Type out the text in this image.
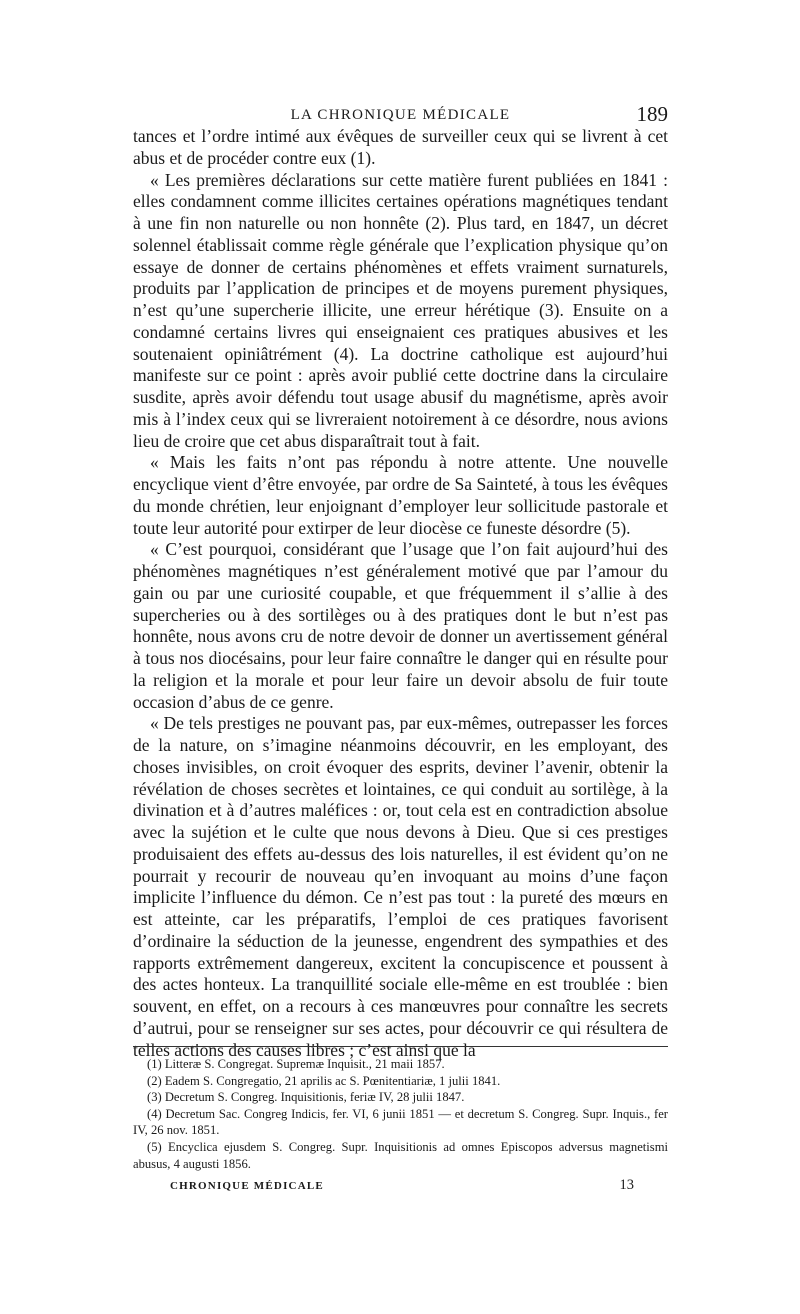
LA CHRONIQUE MÉDICALE	189

tances et l’ordre intimé aux évêques de surveiller ceux qui se livrent à cet abus et de procéder contre eux (1).

« Les premières déclarations sur cette matière furent publiées en 1841 : elles condamnent comme illicites certaines opérations magnétiques tendant à une fin non naturelle ou non honnête (2). Plus tard, en 1847, un décret solennel établissait comme règle générale que l’explication physique qu’on essaye de donner de certains phénomènes et effets vraiment surnaturels, produits par l’application de principes et de moyens purement physiques, n’est qu’une supercherie illicite, une erreur hérétique (3). Ensuite on a condamné certains livres qui enseignaient ces pratiques abusives et les soutenaient opiniâtrément (4). La doctrine catholique est aujourd’hui manifeste sur ce point : après avoir publié cette doctrine dans la circulaire susdite, après avoir défendu tout usage abusif du magnétisme, après avoir mis à l’index ceux qui se livreraient notoirement à ce désordre, nous avions lieu de croire que cet abus disparaîtrait tout à fait.

« Mais les faits n’ont pas répondu à notre attente. Une nouvelle encyclique vient d’être envoyée, par ordre de Sa Sainteté, à tous les évêques du monde chrétien, leur enjoignant d’employer leur sollicitude pastorale et toute leur autorité pour extirper de leur diocèse ce funeste désordre (5).

« C’est pourquoi, considérant que l’usage que l’on fait aujourd’hui des phénomènes magnétiques n’est généralement motivé que par l’amour du gain ou par une curiosité coupable, et que fréquemment il s’allie à des supercheries ou à des sortilèges ou à des pratiques dont le but n’est pas honnête, nous avons cru de notre devoir de donner un avertissement général à tous nos diocésains, pour leur faire connaître le danger qui en résulte pour la religion et la morale et pour leur faire un devoir absolu de fuir toute occasion d’abus de ce genre.

« De tels prestiges ne pouvant pas, par eux-mêmes, outrepasser les forces de la nature, on s’imagine néanmoins découvrir, en les employant, des choses invisibles, on croit évoquer des esprits, deviner l’avenir, obtenir la révélation de choses secrètes et lointaines, ce qui conduit au sortilège, à la divination et à d’autres maléfices : or, tout cela est en contradiction absolue avec la sujétion et le culte que nous devons à Dieu. Que si ces prestiges produisaient des effets au-dessus des lois naturelles, il est évident qu’on ne pourrait y recourir de nouveau qu’en invoquant au moins d’une façon implicite l’influence du démon. Ce n’est pas tout : la pureté des mœurs en est atteinte, car les préparatifs, l’emploi de ces pratiques favorisent d’ordinaire la séduction de la jeunesse, engendrent des sympathies et des rapports extrêmement dangereux, excitent la concupiscence et poussent à des actes honteux. La tranquillité sociale elle-même en est troublée : bien souvent, en effet, on a recours à ces manœuvres pour connaître les secrets d’autrui, pour se renseigner sur ses actes, pour découvrir ce qui résultera de telles actions des causes libres ; c’est ainsi que la

(1) Litteræ S. Congregat. Supremæ Inquisit., 21 maii 1857.

(2) Eadem S. Congregatio, 21 aprilis ac S. Pœnitentiariæ, 1 julii 1841.

(3) Decretum S. Congreg. Inquisitionis, feriæ IV, 28 julii 1847.

(4) Decretum Sac. Congreg Indicis, fer. VI, 6 junii 1851 — et decretum S. Congreg. Supr. Inquis., fer IV, 26 nov. 1851.

(5) Encyclica ejusdem S. Congreg. Supr. Inquisitionis ad omnes Episcopos adversus magnetismi abusus, 4 augusti 1856.

CHRONIQUE MÉDICALE	13
